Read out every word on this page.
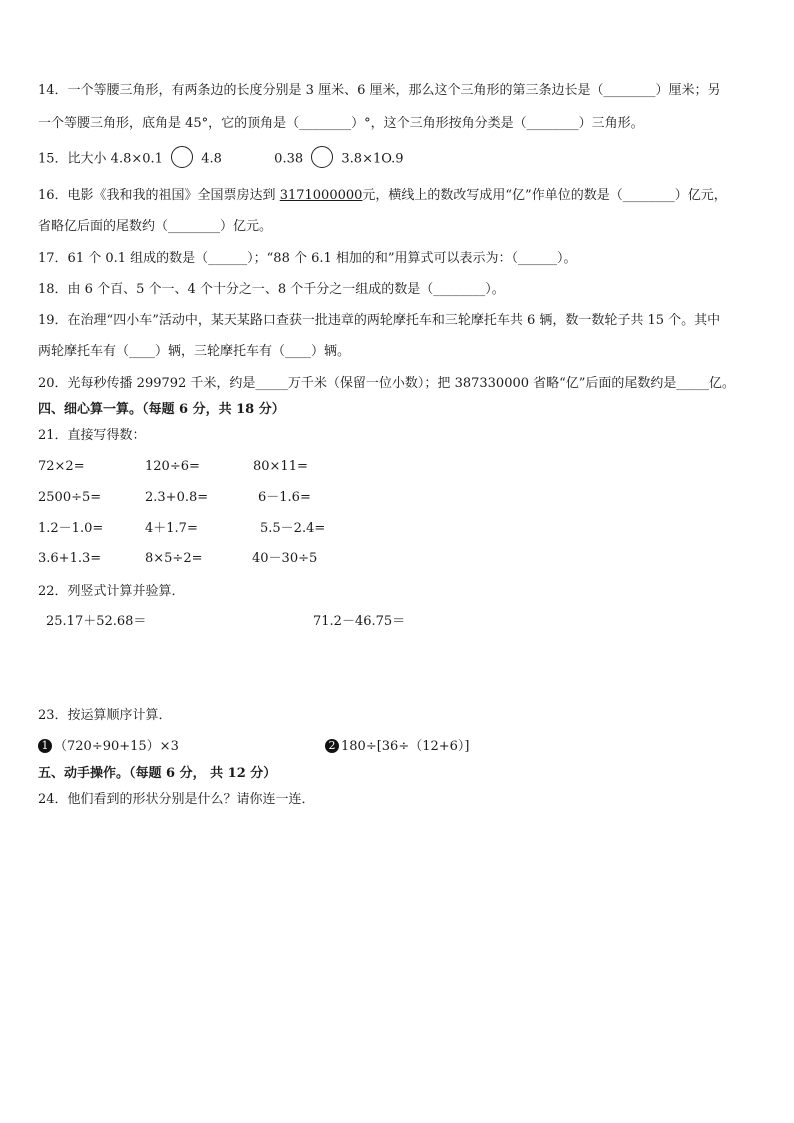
14．一个等腰三角形，有两条边的长度分别是 3 厘米、6 厘米，那么这个三角形的第三条边长是（________）厘米；另
一个等腰三角形，底角是 45°，它的顶角是（________）°，这个三角形按角分类是（________）三角形。
15．比大小 4.8×0.1	4.8	0.38	3.8×1O.9
16．电影《我和我的祖国》全国票房达到 3171000000元，横线上的数改写成用“亿”作单位的数是（________）亿元，
省略亿后面的尾数约（________）亿元。
17．61 个 0.1 组成的数是（______）；“88 个 6.1 相加的和”用算式可以表示为：（______）。
18．由 6 个百、5 个一、4 个十分之一、8 个千分之一组成的数是（________）。
19．在治理“四小车”活动中，某天某路口查获一批违章的两轮摩托车和三轮摩托车共 6 辆，数一数轮子共 15 个。其中
两轮摩托车有（____）辆，三轮摩托车有（____）辆。
20．光每秒传播 299792 千米，约是_____万千米（保留一位小数）；把 387330000 省略“亿”后面的尾数约是_____亿。
四、细心算一算。（每题 6 分，共 18 分）
21．直接写得数：
72×2=	120÷6=	80×11=
2500÷5=	2.3+0.8=	6－1.6=
1.2－1.0=	4＋1.7=	5.5－2.4=
3.6+1.3=	8×5÷2=	40－30÷5
22．列竖式计算并验算．
25.17＋52.68＝	71.2－46.75＝
23．按运算顺序计算．
1 （720÷90+15）×3	2 180÷[36÷（12+6）]
五、动手操作。（每题 6 分， 共 12 分）
24．他们看到的形状分别是什么？请你连一连．
